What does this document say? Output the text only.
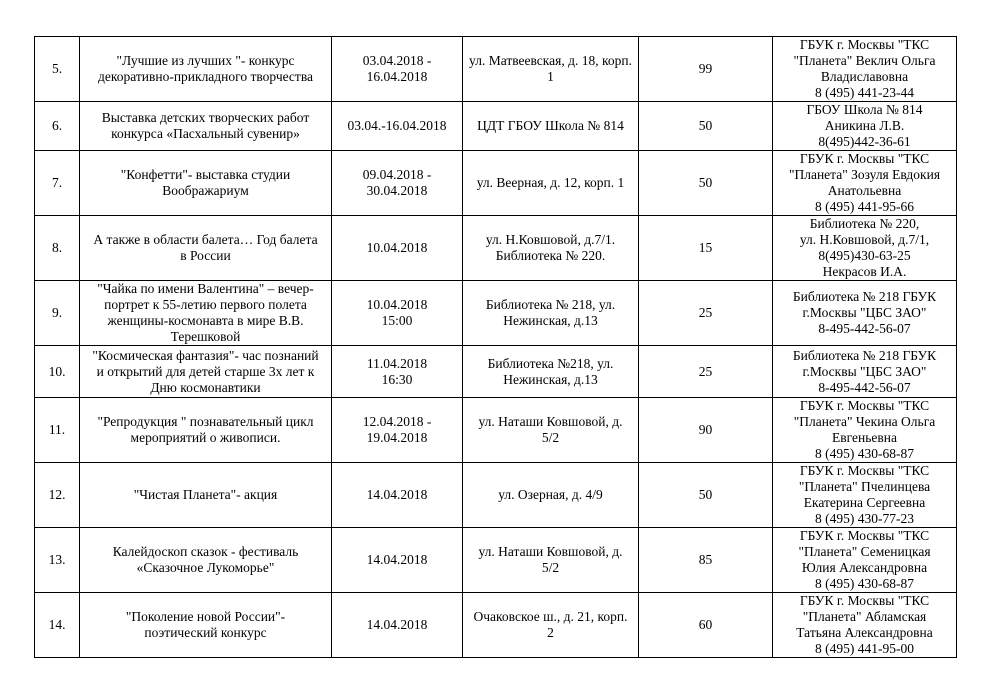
5.	"Лучшие из лучших "- конкурс декоративно-прикладного творчества	03.04.2018 -
16.04.2018	ул. Матвеевская, д. 18, корп.
1	99	ГБУК г. Москвы "ТКС
"Планета" Веклич Ольга
Владиславовна
8 (495) 441-23-44
6.	Выставка детских творческих работ конкурса «Пасхальный сувенир»	03.04.-16.04.2018	ЦДТ ГБОУ Школа № 814	50	ГБОУ Школа № 814
Аникина Л.В.
8(495)442-36-61
7.	"Конфетти"- выставка студии
Воображариум	09.04.2018 -
30.04.2018	ул. Веерная, д. 12, корп. 1	50	ГБУК г. Москвы "ТКС
"Планета" Зозуля Евдокия
Анатольевна
8 (495) 441-95-66
8.	А также в области балета… Год балета
в России	10.04.2018	ул. Н.Ковшовой, д.7/1.
Библиотека № 220.	15	Библиотека № 220,
ул. Н.Ковшовой, д.7/1,
8(495)430-63-25
Некрасов И.А.
9.	"Чайка по имени Валентина" – вечер-
портрет к 55-летию первого полета
женщины-космонавта в мире В.В.
Терешковой	10.04.2018
15:00	Библиотека № 218, ул.
Нежинская, д.13	25	Библиотека № 218 ГБУК
г.Москвы "ЦБС ЗАО"
8-495-442-56-07
10.	"Космическая фантазия"- час познаний
и открытий для детей старше 3х лет к
Дню космонавтики	11.04.2018
16:30	Библиотека №218, ул.
Нежинская, д.13	25	Библиотека № 218 ГБУК
г.Москвы "ЦБС ЗАО"
8-495-442-56-07
11.	"Репродукция " познавательный цикл
мероприятий о живописи.	12.04.2018 -
19.04.2018	ул. Наташи Ковшовой, д. 5/2	90	ГБУК г. Москвы "ТКС
"Планета" Чекина Ольга
Евгеньевна
8 (495) 430-68-87
12.	"Чистая Планета"- акция	14.04.2018	ул. Озерная, д. 4/9	50	ГБУК г. Москвы "ТКС
"Планета" Пчелинцева
Екатерина Сергеевна
8 (495) 430-77-23
13.	Калейдоскоп сказок - фестиваль
«Сказочное Лукоморье"	14.04.2018	ул. Наташи Ковшовой, д. 5/2	85	ГБУК г. Москвы "ТКС
"Планета" Семеницкая
Юлия Александровна
8 (495) 430-68-87
14.	"Поколение новой России"-
поэтический конкурс	14.04.2018	Очаковское ш., д. 21, корп. 2	60	ГБУК г. Москвы "ТКС
"Планета" Абламская
Татьяна Александровна
8 (495) 441-95-00
